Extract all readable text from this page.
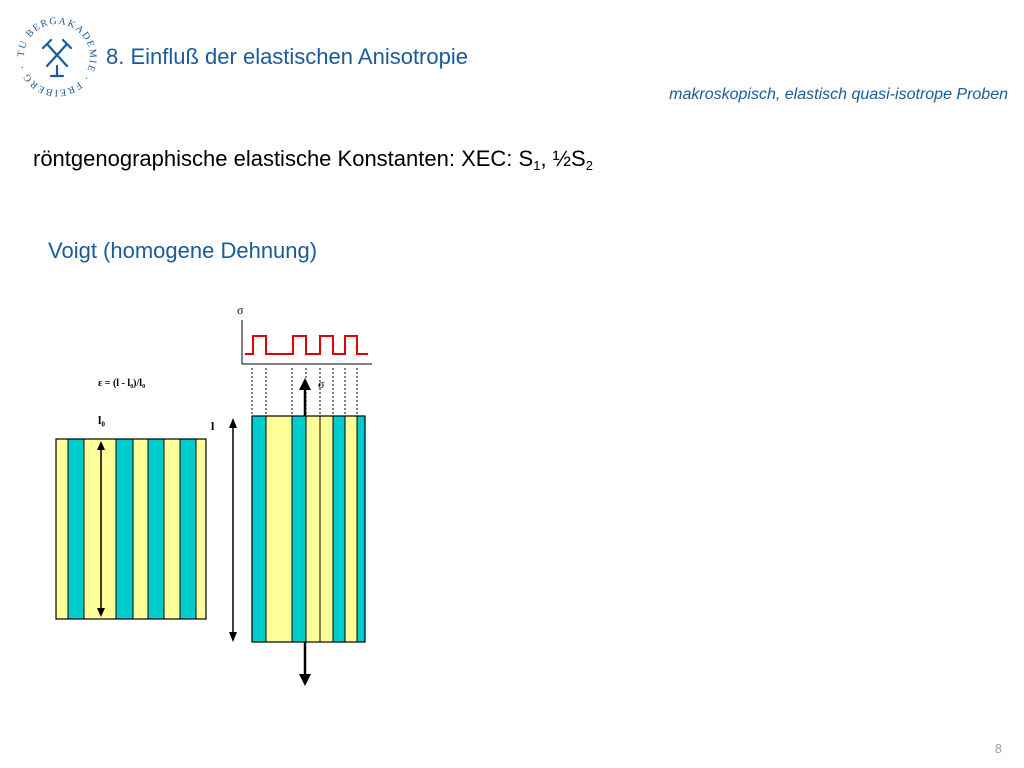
TU BERGAKADEMIE · FREIBERG ·	8. Einfluß der elastischen Anisotropie
makroskopisch, elastisch quasi-isotrope Proben
röntgenographische elastische Konstanten: XEC: $S_1$, $\frac{1}{2}S_2$
Voigt (homogene Dehnung)
σ
σ
ε = (l - l₀)/l₀
l₀	l
8
